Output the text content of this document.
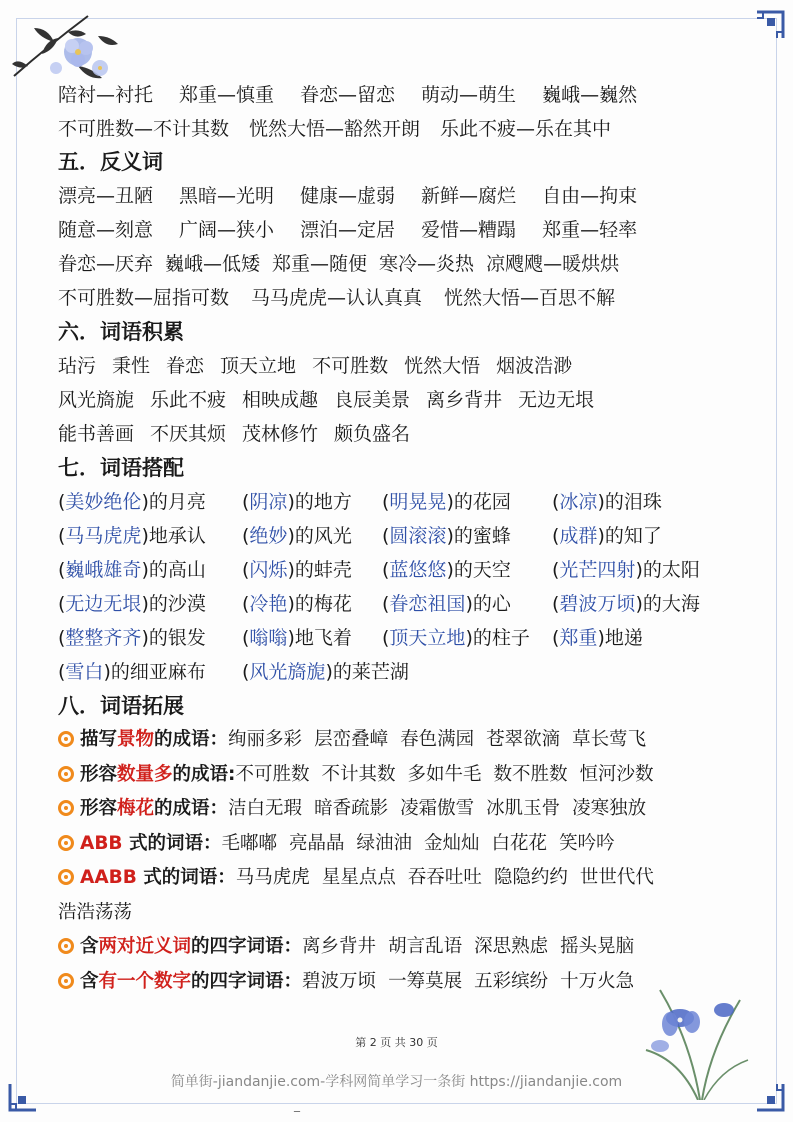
陪衬—衬托 郑重—慎重 眷恋—留恋 萌动—萌生 巍峨—巍然
不可胜数—不计其数 恍然大悟—豁然开朗 乐此不疲—乐在其中
五．反义词
漂亮—丑陋 黑暗—光明 健康—虚弱 新鲜—腐烂 自由—拘束
随意—刻意 广阔—狭小 漂泊—定居 爱惜—糟蹋 郑重—轻率
眷恋—厌弃 巍峨—低矮 郑重—随便 寒冷—炎热 凉飕飕—暖烘烘
不可胜数—屈指可数 马马虎虎—认认真真 恍然大悟—百思不解
六．词语积累
玷污 秉性 眷恋 顶天立地 不可胜数 恍然大悟 烟波浩渺
风光旖旎 乐此不疲 相映成趣 良辰美景 离乡背井 无边无垠
能书善画 不厌其烦 茂林修竹 颇负盛名
七．词语搭配
(美妙绝伦)的月亮 (阴凉)的地方 (明晃晃)的花园 (冰凉)的泪珠
(马马虎虎)地承认 (绝妙)的风光 (圆滚滚)的蜜蜂 (成群)的知了
(巍峨雄奇)的高山 (闪烁)的蚌壳 (蓝悠悠)的天空 (光芒四射)的太阳
(无边无垠)的沙漠 (冷艳)的梅花 (眷恋祖国)的心 (碧波万顷)的大海
(整整齐齐)的银发 (嗡嗡)地飞着 (顶天立地)的柱子 (郑重)地递
(雪白)的细亚麻布 (风光旖旎)的莱芒湖
八．词语拓展
描写景物的成语：绚丽多彩 层峦叠嶂 春色满园 苍翠欲滴 草长莺飞
形容数量多的成语:不可胜数 不计其数 多如牛毛 数不胜数 恒河沙数
形容梅花的成语：洁白无瑕 暗香疏影 凌霜傲雪 冰肌玉骨 凌寒独放
ABB 式的词语：毛嘟嘟 亮晶晶 绿油油 金灿灿 白花花 笑吟吟
AABB 式的词语：马马虎虎 星星点点 吞吞吐吐 隐隐约约 世世代代
浩浩荡荡
含两对近义词的四字词语：离乡背井 胡言乱语 深思熟虑 摇头晃脑
含有一个数字的四字词语：碧波万顷 一筹莫展 五彩缤纷 十万火急
第 2 页 共 30 页
简单街-jiandanjie.com-学科网简单学习一条街 https://jiandanjie.com
_
